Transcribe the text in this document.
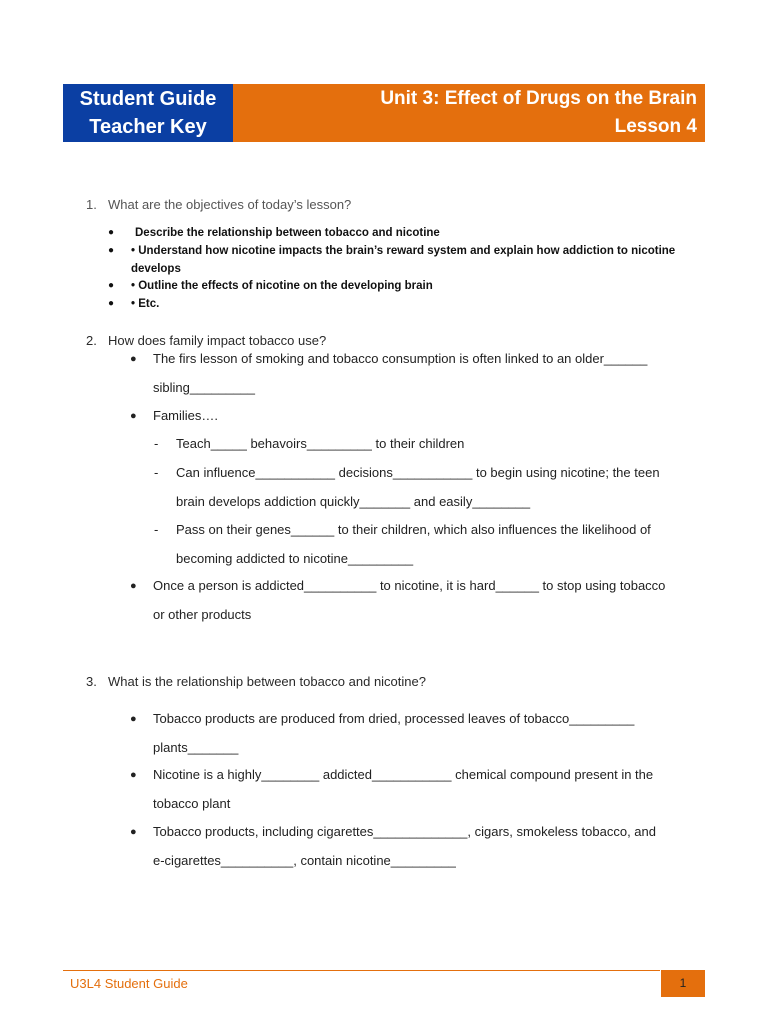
Student Guide
Teacher Key
Unit 3: Effect of Drugs on the Brain
Lesson 4
1. What are the objectives of today’s lesson?
●	Describe the relationship between tobacco and nicotine
●	• Understand how nicotine impacts the brain’s reward system and explain how addiction to nicotine develops
●	• Outline the effects of nicotine on the developing brain
●	• Etc.
2. How does family impact tobacco use?
● The firs lesson of smoking and tobacco consumption is often linked to an older______
sibling_________
● Families….
- Teach_____ behavoirs_________ to their children
- Can influence___________ decisions___________ to begin using nicotine; the teen
brain develops addiction quickly_______ and easily________
- Pass on their genes______ to their children, which also influences the likelihood of
becoming addicted to nicotine_________
● Once a person is addicted__________ to nicotine, it is hard______ to stop using tobacco
or other products
3. What is the relationship between tobacco and nicotine?
● Tobacco products are produced from dried, processed leaves of tobacco_________
plants_______
● Nicotine is a highly________ addicted___________ chemical compound present in the
tobacco plant
● Tobacco products, including cigarettes_____________, cigars, smokeless tobacco, and
e-cigarettes__________, contain nicotine_________
U3L4 Student Guide	1
